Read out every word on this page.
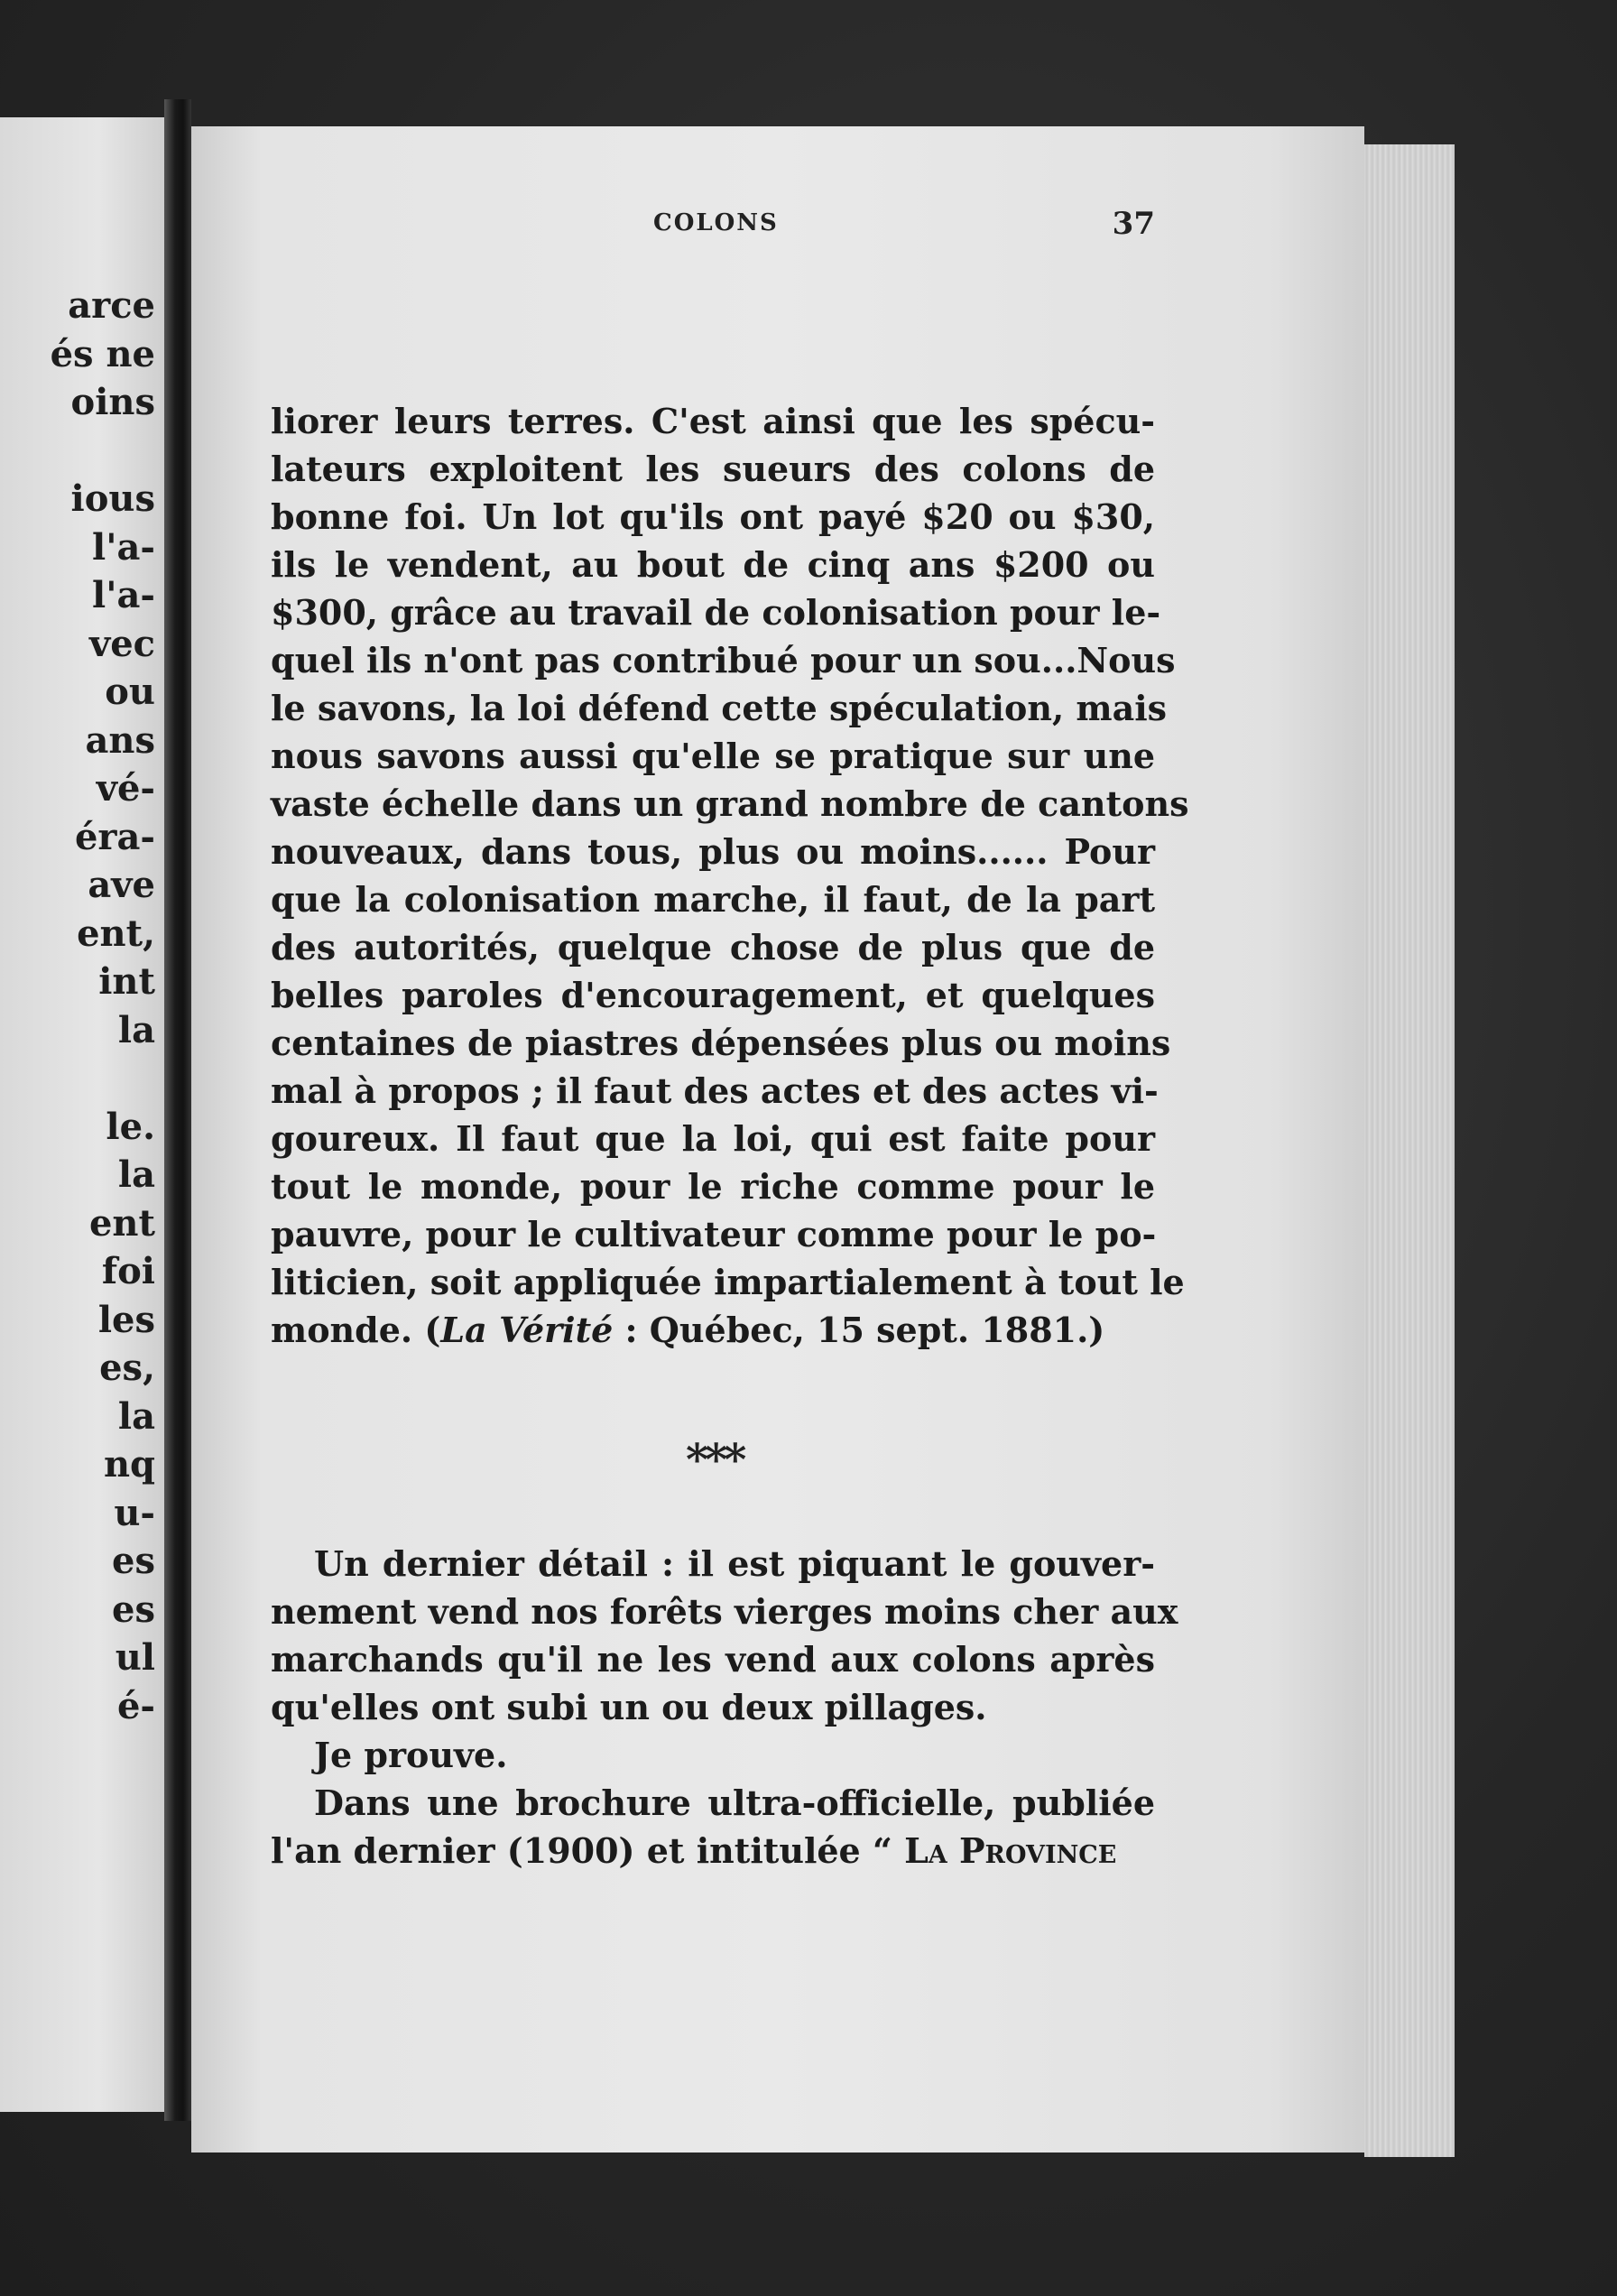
arce
és ne
oins
ious
l'a-
l'a-
vec
ou
ans
vé-
éra-
ave
ent,
int
la
le.
la
ent
foi
les
es,
la
nq
u-
es
es
ul
é-
COLONS	37
liorer leurs terres. C'est ainsi que les spécu-
lateurs exploitent les sueurs des colons de
bonne foi. Un lot qu'ils ont payé $20 ou $30,
ils le vendent, au bout de cinq ans $200 ou
$300, grâce au travail de colonisation pour le-
quel ils n'ont pas contribué pour un sou...Nous
le savons, la loi défend cette spéculation, mais
nous savons aussi qu'elle se pratique sur une
vaste échelle dans un grand nombre de cantons
nouveaux, dans tous, plus ou moins...... Pour
que la colonisation marche, il faut, de la part
des autorités, quelque chose de plus que de
belles paroles d'encouragement, et quelques
centaines de piastres dépensées plus ou moins
mal à propos ; il faut des actes et des actes vi-
goureux. Il faut que la loi, qui est faite pour
tout le monde, pour le riche comme pour le
pauvre, pour le cultivateur comme pour le po-
liticien, soit appliquée impartialement à tout le
monde. (La Vérité : Québec, 15 sept. 1881.)
***
Un dernier détail : il est piquant le gouver-
nement vend nos forêts vierges moins cher aux
marchands qu'il ne les vend aux colons après
qu'elles ont subi un ou deux pillages.
Je prouve.
Dans une brochure ultra-officielle, publiée
l'an dernier (1900) et intitulée “ La Province
